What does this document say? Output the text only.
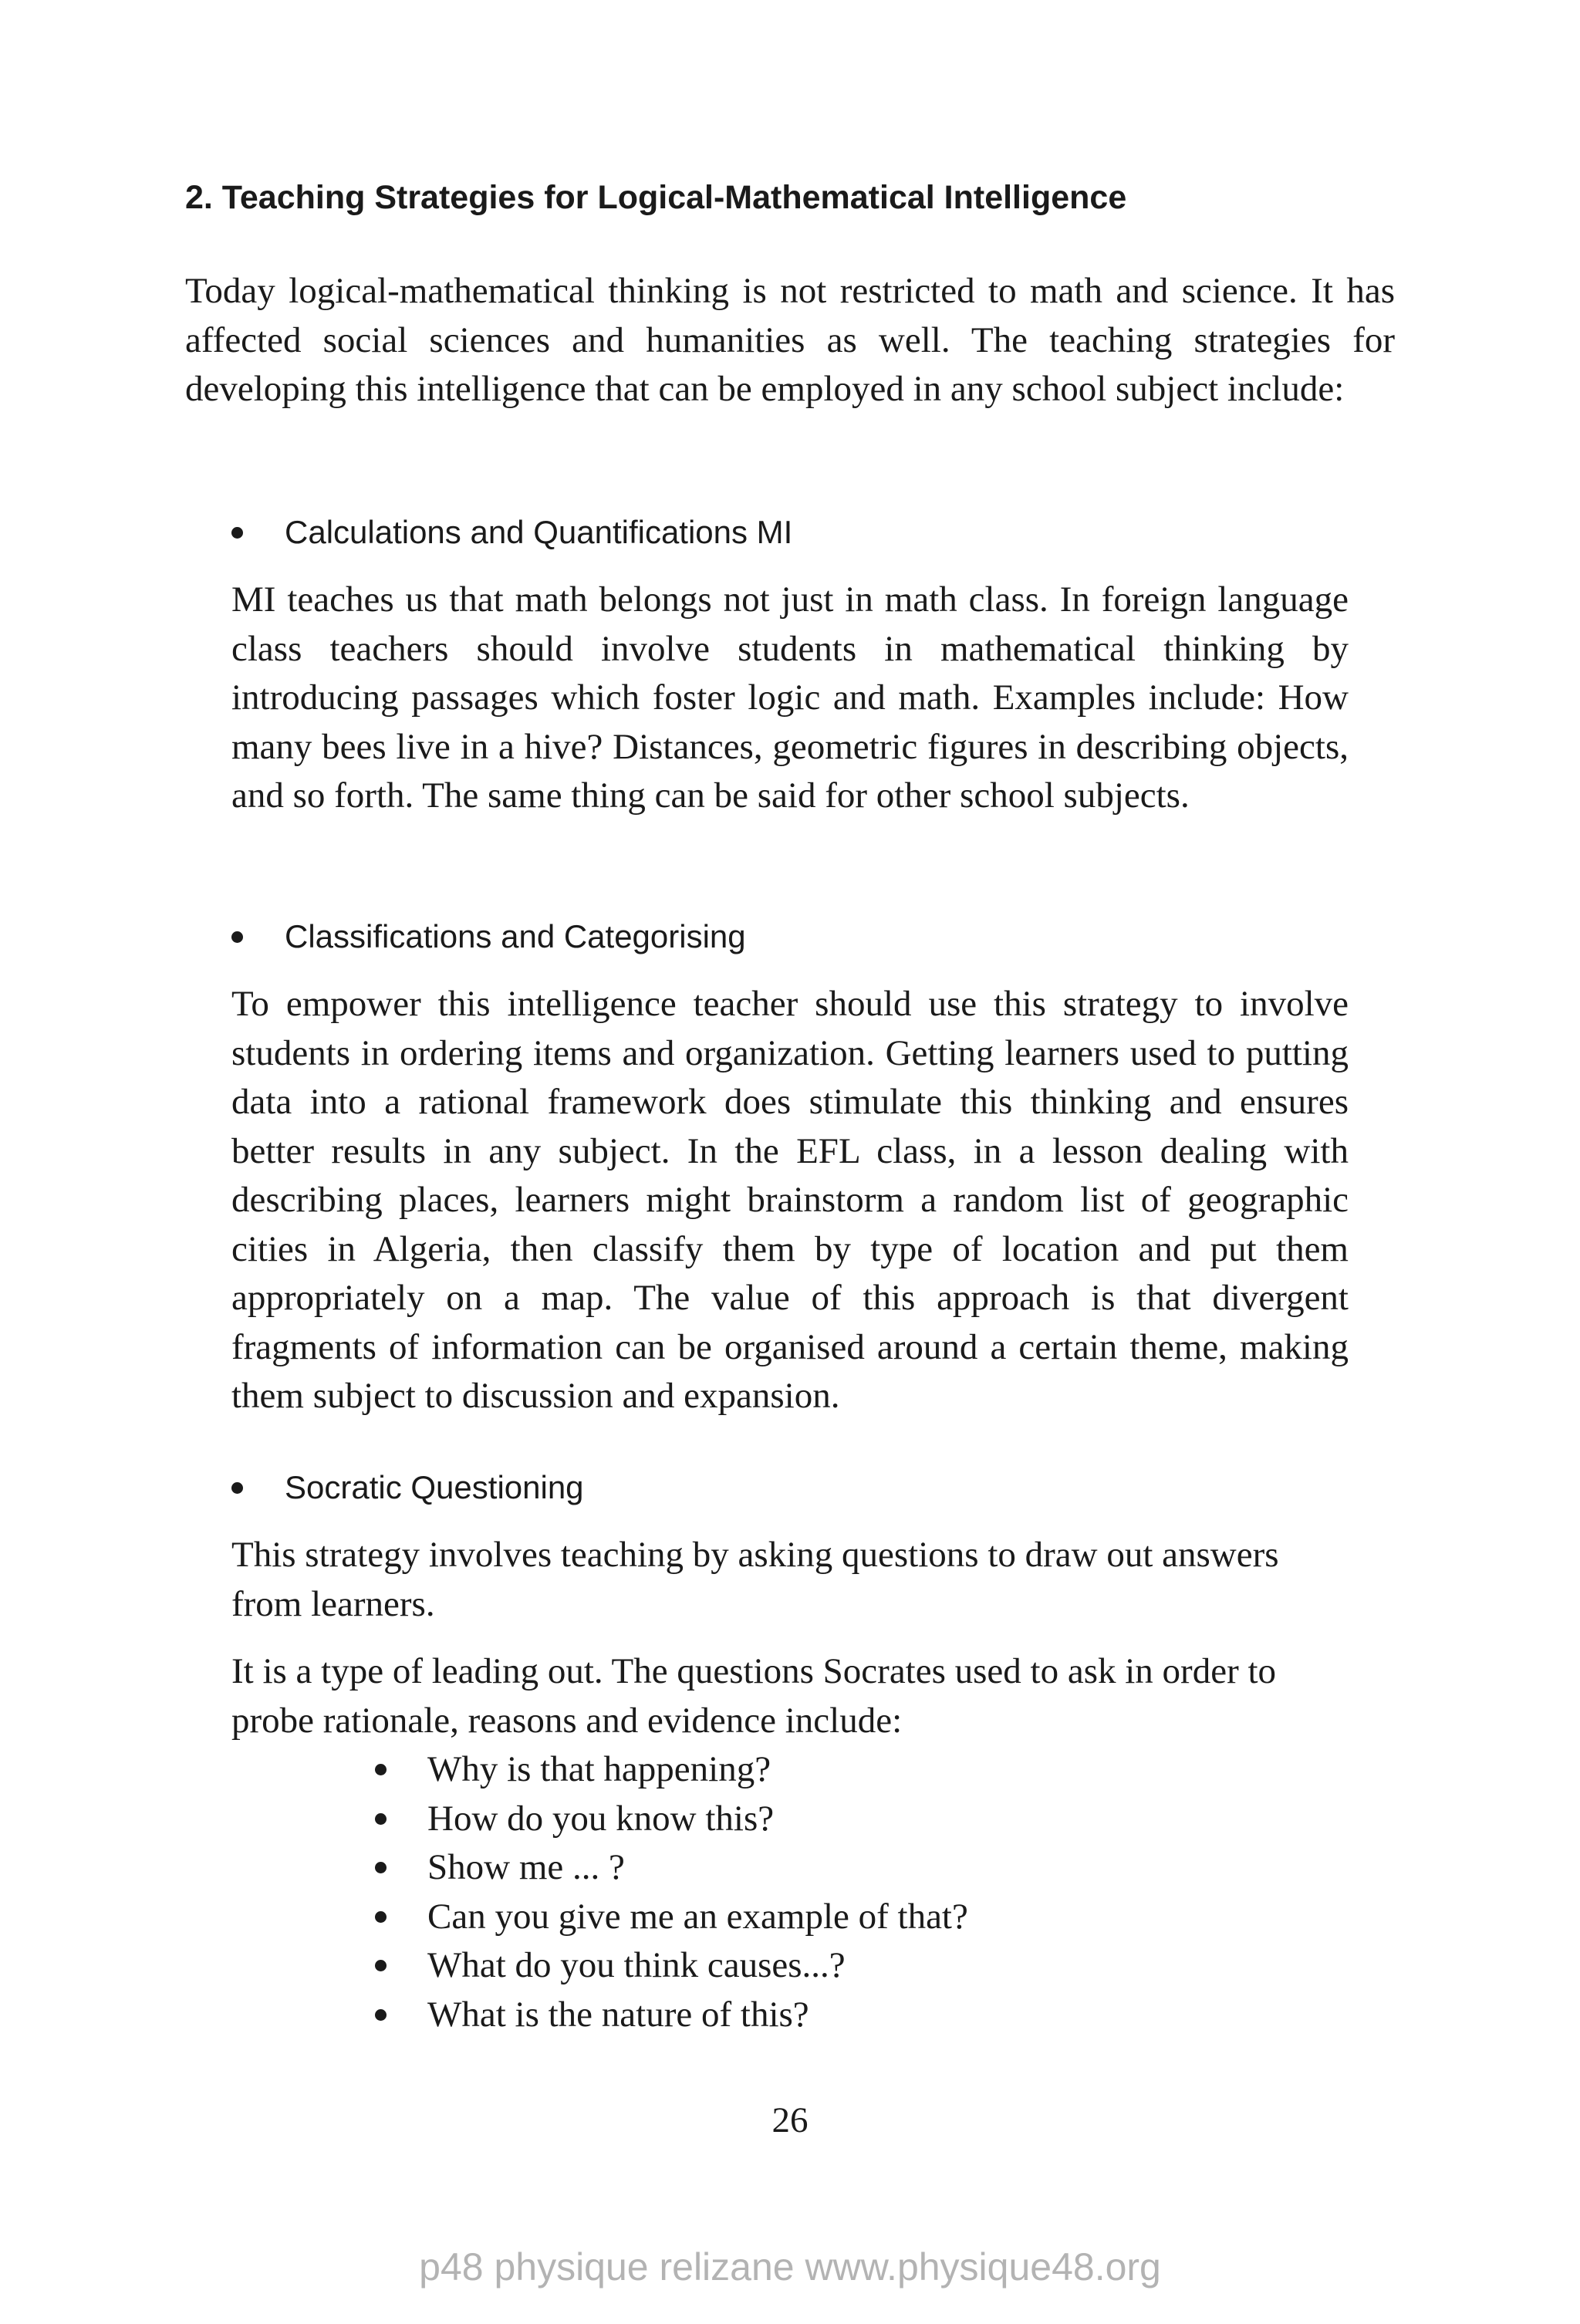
2. Teaching Strategies for Logical-Mathematical Intelligence

Today logical-mathematical thinking is not restricted to math and science. It has affected social sciences and humanities as well. The teaching strategies for developing this intelligence that can be employed in any school subject include:

Calculations and Quantifications MI

MI teaches us that math belongs not just in math class. In foreign language class teachers should involve students in mathematical thinking by introducing passages which foster logic and math. Examples include: How many bees live in a hive? Distances, geometric figures in describing objects, and so forth. The same thing can be said for other school subjects.

Classifications and Categorising

To empower this intelligence teacher should use this strategy to involve students in ordering items and organization. Getting learners used to putting data into a rational framework does stimulate this thinking and ensures better results in any subject. In the EFL class, in a lesson dealing with describing places, learners might brainstorm a random list of geographic cities in Algeria, then classify them by type of location and put them appropriately on a map. The value of this approach is that divergent fragments of information can be organised around a certain theme, making them subject to discussion and expansion.

Socratic Questioning

This strategy involves teaching by asking questions to draw out answers from learners.

It is a type of leading out. The questions Socrates used to ask in order to probe rationale, reasons and evidence include:

Why is that happening?
How do you know this?
Show me ... ?
Can you give me an example of that?
What do you think causes...?
What is the nature of this?
26
p48 physique relizane www.physique48.org
